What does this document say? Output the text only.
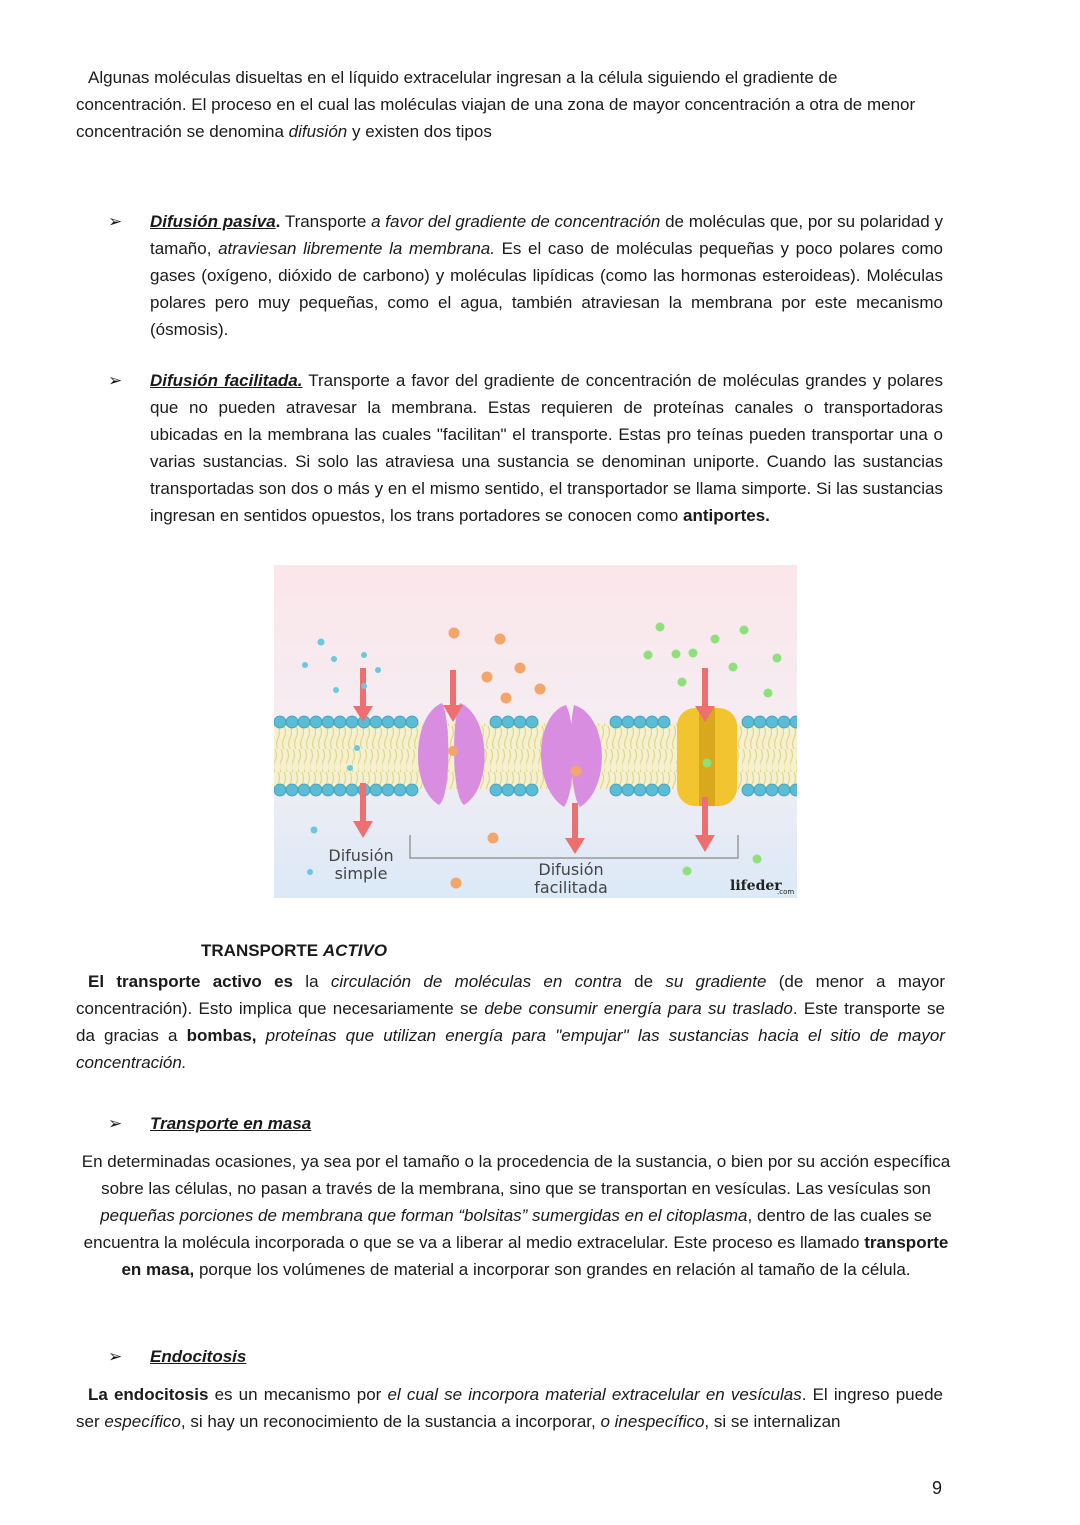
Algunas moléculas disueltas en el líquido extracelular ingresan a la célula siguiendo el gradiente de concentración. El proceso en el cual las moléculas viajan de una zona de mayor concentración a otra de menor concentración se denomina difusión y existen dos tipos

➢	Difusión pasiva. Transporte a favor del gradiente de concentración de moléculas que, por su polaridad y tamaño, atraviesan libremente la membrana. Es el caso de moléculas pequeñas y poco polares como gases (oxígeno, dióxido de carbono) y moléculas lipídicas (como las hormonas esteroideas). Moléculas polares pero muy pequeñas, como el agua, también atraviesan la membrana por este mecanismo (ósmosis).

➢	Difusión facilitada. Transporte a favor del gradiente de concentración de moléculas grandes y polares que no pueden atravesar la membrana. Estas requieren de proteínas canales o transportadoras ubicadas en la membrana las cuales "facilitan" el transporte. Estas pro teínas pueden transportar una o varias sustancias. Si solo las atraviesa una sustancia se denominan uniporte. Cuando las sustancias transportadas son dos o más y en el mismo sentido, el transportador se llama simporte. Si las sustancias ingresan en sentidos opuestos, los trans portadores se conocen como antiportes.

Difusión
simple	Difusión
facilitada	lifeder
.com
TRANSPORTE ACTIVO

El transporte activo es la circulación de moléculas en contra de su gradiente (de menor a mayor concentración). Esto implica que necesariamente se debe consumir energía para su traslado. Este transporte se da gracias a bombas, proteínas que utilizan energía para "empujar" las sustancias hacia el sitio de mayor concentración.

➢	Transporte en masa

En determinadas ocasiones, ya sea por el tamaño o la procedencia de la sustancia, o bien por su acción específica sobre las células, no pasan a través de la membrana, sino que se transportan en vesículas. Las vesículas son pequeñas porciones de membrana que forman “bolsitas” sumergidas en el citoplasma, dentro de las cuales se encuentra la molécula incorporada o que se va a liberar al medio extracelular. Este proceso es llamado transporte en masa, porque los volúmenes de material a incorporar son grandes en relación al tamaño de la célula.

➢	Endocitosis

La endocitosis es un mecanismo por el cual se incorpora material extracelular en vesículas. El ingreso puede ser específico, si hay un reconocimiento de la sustancia a incorporar, o inespecífico, si se internalizan

9
